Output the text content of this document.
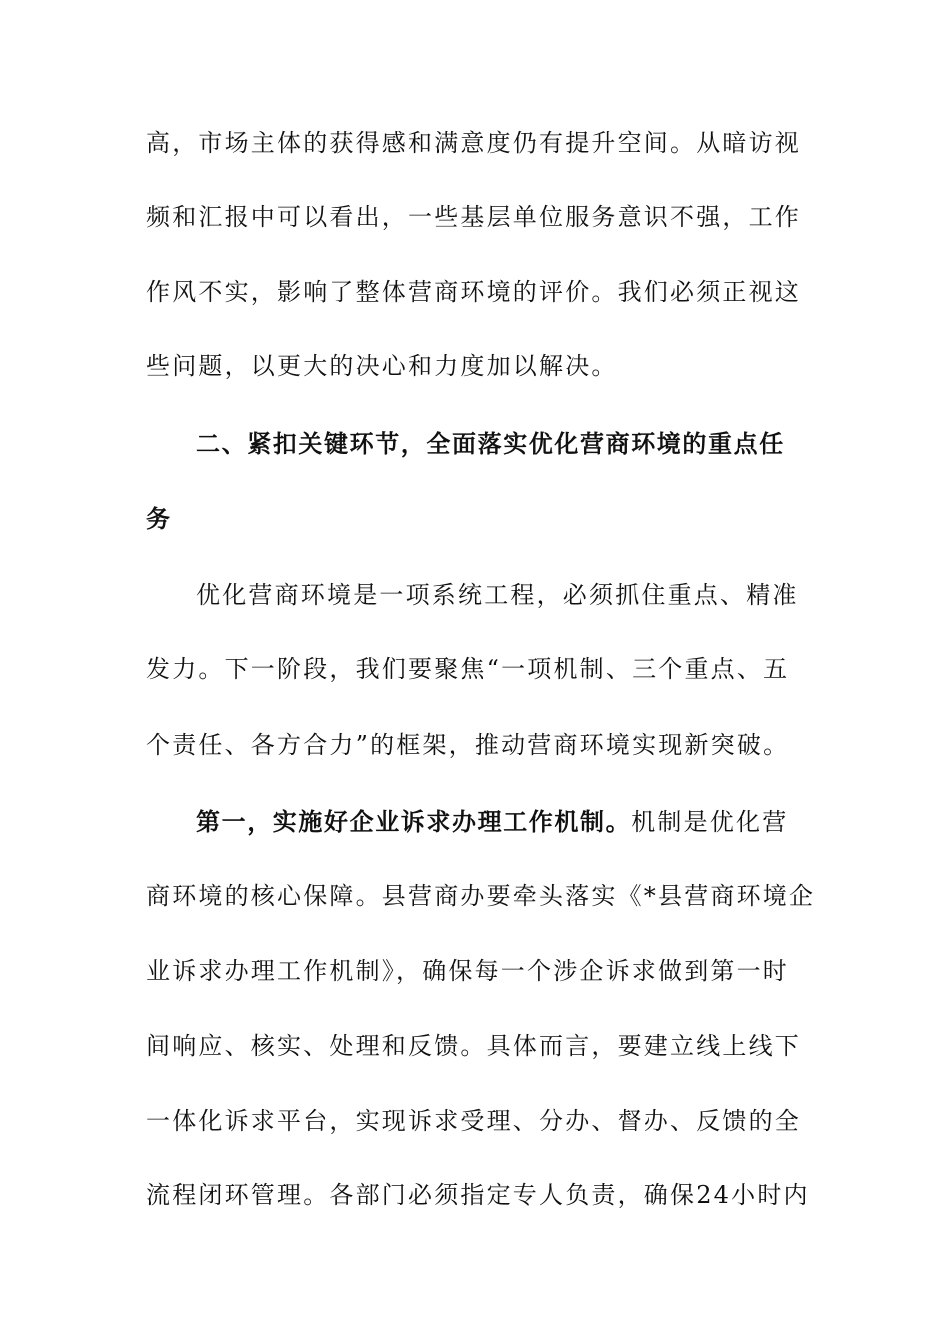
高，市场主体的获得感和满意度仍有提升空间。从暗访视
频和汇报中可以看出，一些基层单位服务意识不强，工作
作风不实，影响了整体营商环境的评价。我们必须正视这
些问题，以更大的决心和力度加以解决。
二、紧扣关键环节，全面落实优化营商环境的重点任
务
优化营商环境是一项系统工程，必须抓住重点、精准
发力。下一阶段，我们要聚焦“一项机制、三个重点、五
个责任、各方合力”的框架，推动营商环境实现新突破。
第一，实施好企业诉求办理工作机制。机制是优化营
商环境的核心保障。县营商办要牵头落实《*县营商环境企
业诉求办理工作机制》，确保每一个涉企诉求做到第一时
间响应、核实、处理和反馈。具体而言，要建立线上线下
一体化诉求平台，实现诉求受理、分办、督办、反馈的全
流程闭环管理。各部门必须指定专人负责，确保24小时内
